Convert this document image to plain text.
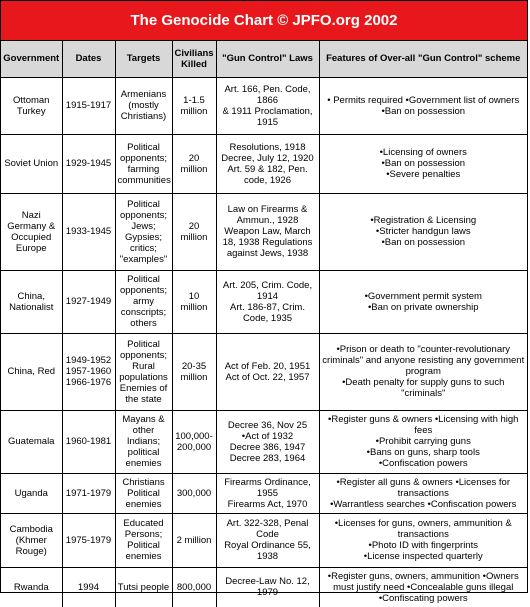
The Genocide Chart © JPFO.org 2002
Government	Dates	Targets	Civilians Killed	"Gun Control" Laws	Features of Over-all "Gun Control" scheme
Ottoman Turkey	1915-1917	Armenians (mostly Christians)	1-1.5 million	Art. 166, Pen. Code, 1866
& 1911 Proclamation, 1915	• Permits required •Government list of owners
•Ban on possession
Soviet Union	1929-1945	Political opponents; farming communities	20 million	Resolutions, 1918 Decree, July 12, 1920 Art. 59 & 182, Pen. code, 1926	•Licensing of owners
•Ban on possession
•Severe penalties
Nazi Germany & Occupied Europe	1933-1945	Political opponents; Jews; Gypsies; critics; "examples"	20 million	Law on Firearms & Ammun., 1928 Weapon Law, March 18, 1938 Regulations against Jews, 1938	•Registration & Licensing
•Stricter handgun laws
•Ban on possession
China, Nationalist	1927-1949	Political opponents; army conscripts; others	10 million	Art. 205, Crim. Code, 1914
Art. 186-87, Crim. Code, 1935	•Government permit system
•Ban on private ownership
China, Red	1949-1952
1957-1960
1966-1976	Political opponents; Rural populations Enemies of the state	20-35 million	Act of Feb. 20, 1951
Act of Oct. 22, 1957	•Prison or death to "counter-revolutionary criminals" and anyone resisting any government program
•Death penalty for supply guns to such "criminals"
Guatemala	1960-1981	Mayans & other Indians; political enemies	100,000-200,000	Decree 36, Nov 25 •Act of 1932
Decree 386, 1947
Decree 283, 1964	•Register guns & owners •Licensing with high fees
•Prohibit carrying guns
•Bans on guns, sharp tools
•Confiscation powers
Uganda	1971-1979	Christians Political enemies	300,000	Firearms Ordinance, 1955
Firearms Act, 1970	•Register all guns & owners •Licenses for transactions
•Warrantless searches •Confiscation powers
Cambodia (Khmer Rouge)	1975-1979	Educated Persons; Political enemies	2 million	Art. 322-328, Penal Code
Royal Ordinance 55, 1938	•Licenses for guns, owners, ammunition & transactions
•Photo ID with fingerprints
•License inspected quarterly
Rwanda	1994	Tutsi people	800,000	Decree-Law No. 12, 1979	•Register guns, owners, ammunition •Owners must justify need •Concealable guns illegal
•Confiscating powers
